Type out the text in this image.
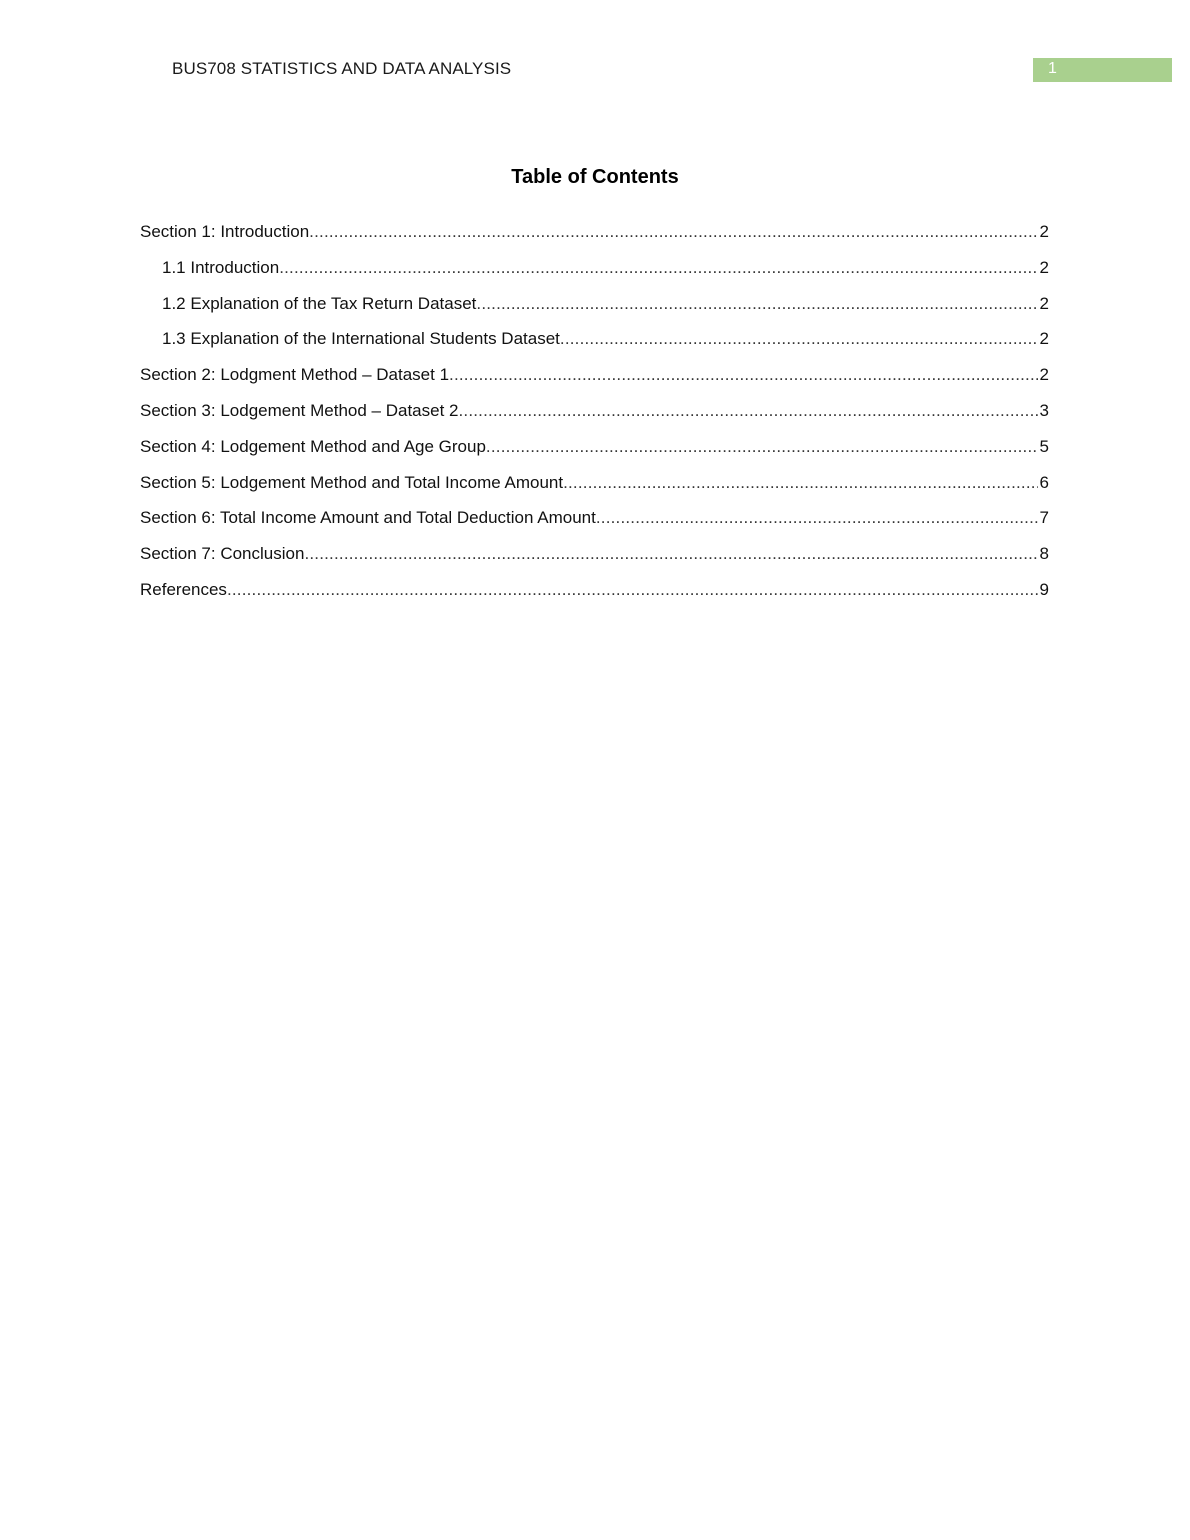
BUS708 STATISTICS AND DATA ANALYSIS	1
Table of Contents
Section 1: Introduction .....	2
1.1 Introduction .....	2
1.2 Explanation of the Tax Return Dataset .....	2
1.3 Explanation of the International Students Dataset .....	2
Section 2: Lodgment Method – Dataset 1 .....	2
Section 3: Lodgement Method – Dataset 2 .....	3
Section 4: Lodgement Method and Age Group .....	5
Section 5: Lodgement Method and Total Income Amount .....	6
Section 6: Total Income Amount and Total Deduction Amount .....	7
Section 7: Conclusion .....	8
References .....	9
